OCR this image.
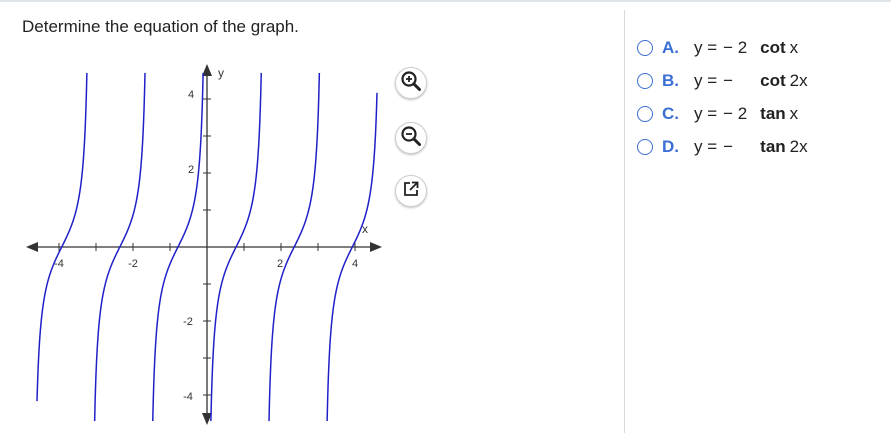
Determine the equation of the graph.
-4	-2	2	4
4
2
-2
-4
x
y
A. y = − 2 cot x
B. y = −	cot 2x
C. y = − 2 tan x
D. y = −	tan 2x
